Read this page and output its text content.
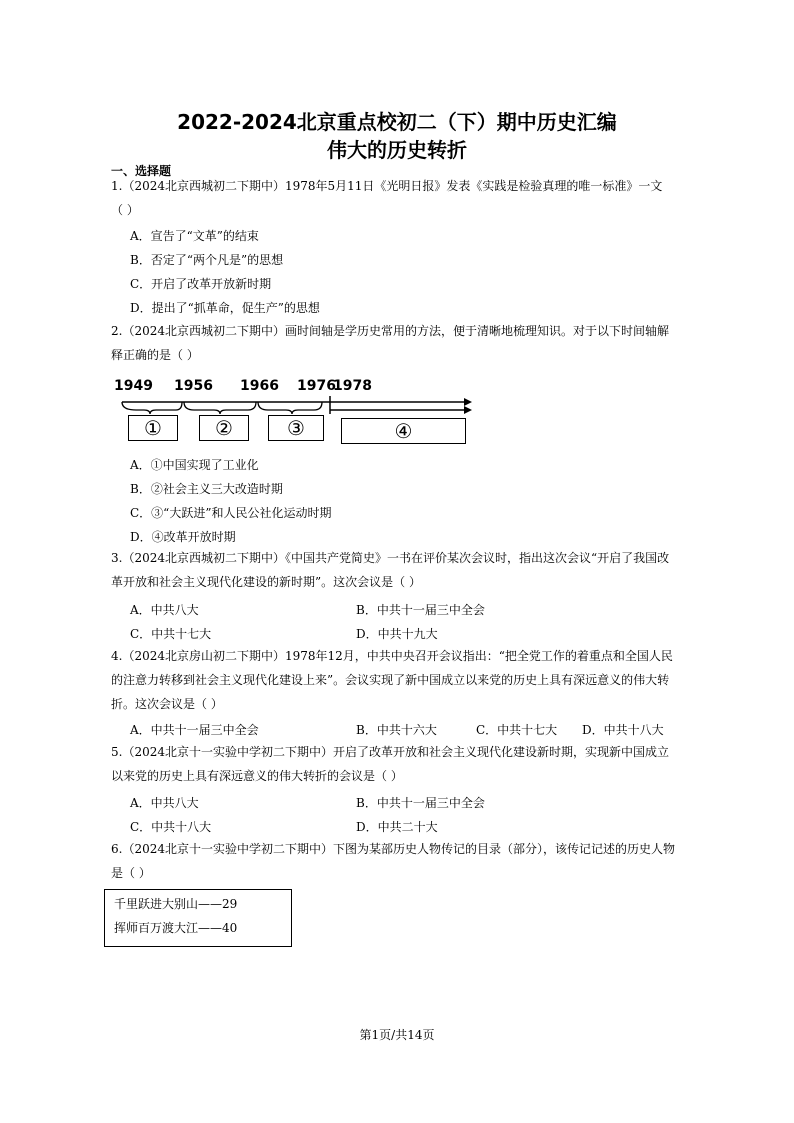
2022-2024北京重点校初二（下）期中历史汇编
伟大的历史转折
一、选择题
1.（2024北京西城初二下期中）1978年5月11日《光明日报》发表《实践是检验真理的唯一标准》一文
（ ）
A．宣告了“文革”的结束
B．否定了“两个凡是”的思想
C．开启了改革开放新时期
D．提出了“抓革命，促生产”的思想
2.（2024北京西城初二下期中）画时间轴是学历史常用的方法，便于清晰地梳理知识。对于以下时间轴解
释正确的是（ ）
1949 1956 1966 1976
1978
①	②	③	④
A．①中国实现了工业化
B．②社会主义三大改造时期
C．③“大跃进”和人民公社化运动时期
D．④改革开放时期
3.（2024北京西城初二下期中）《中国共产党简史》一书在评价某次会议时，指出这次会议“开启了我国改
革开放和社会主义现代化建设的新时期”。这次会议是（ ）
A．中共八大	B．中共十一届三中全会
C．中共十七大	D．中共十九大
4.（2024北京房山初二下期中）1978年12月，中共中央召开会议指出：“把全党工作的着重点和全国人民
的注意力转移到社会主义现代化建设上来”。会议实现了新中国成立以来党的历史上具有深远意义的伟大转
折。这次会议是（ ）
A．中共十一届三中全会	B．中共十六大	C．中共十七大 D．中共十八大
5.（2024北京十一实验中学初二下期中）开启了改革开放和社会主义现代化建设新时期，实现新中国成立
以来党的历史上具有深远意义的伟大转折的会议是（ ）
A．中共八大	B．中共十一届三中全会
C．中共十八大	D．中共二十大
6.（2024北京十一实验中学初二下期中）下图为某部历史人物传记的目录（部分），该传记记述的历史人物
是（ ）
千里跃进大别山——29
挥师百万渡大江——40
第1页/共14页
